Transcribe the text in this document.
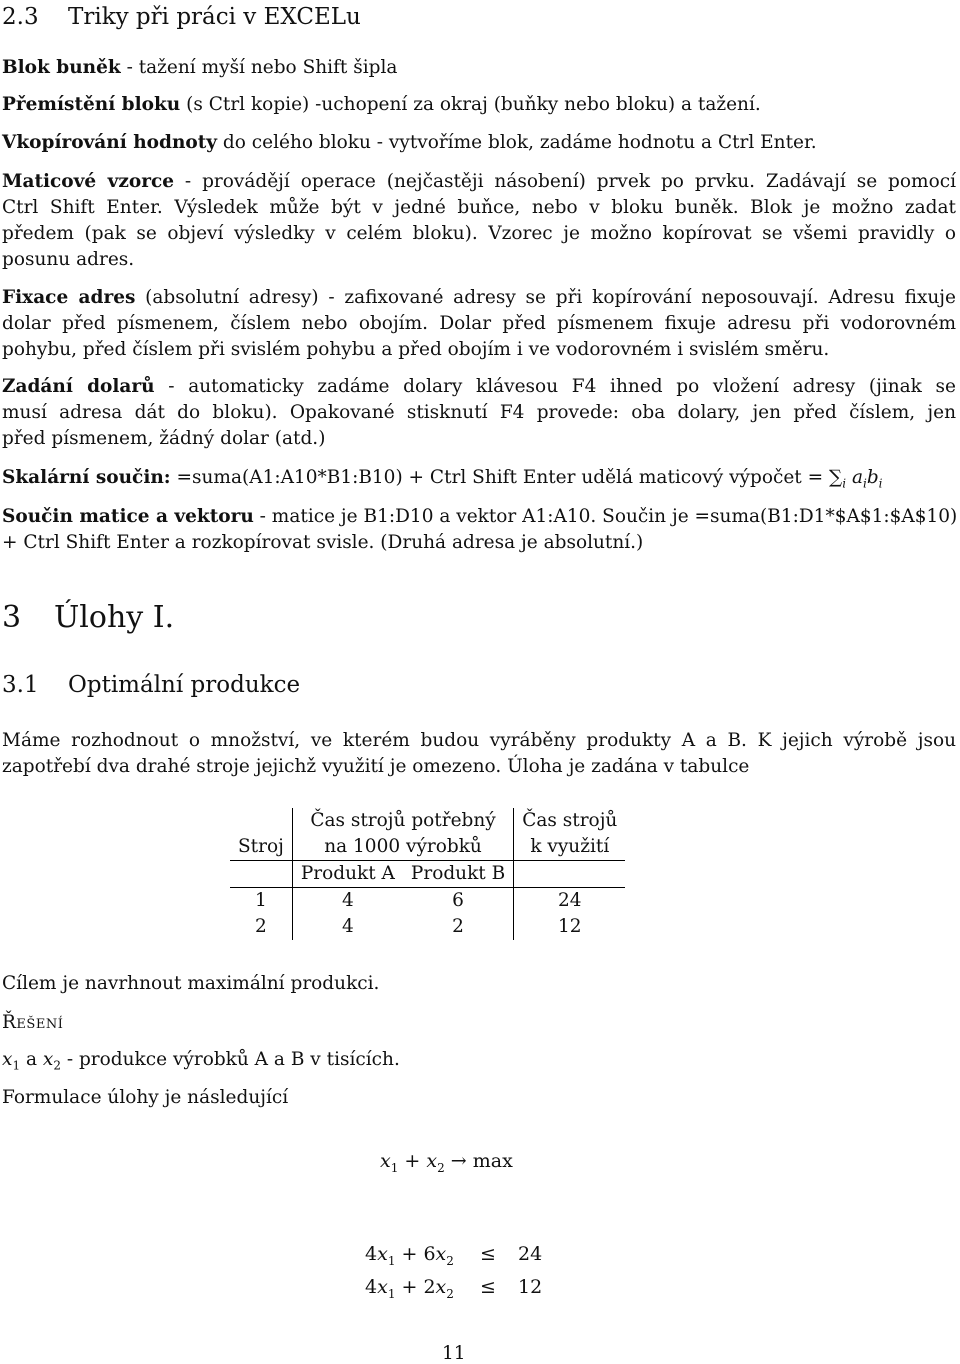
2.3 Triky při práci v EXCELu
Blok buněk - tažení myší nebo Shift šipla
Přemístění bloku (s Ctrl kopie) -uchopení za okraj (buňky nebo bloku) a tažení.
Vkopírování hodnoty do celého bloku - vytvoříme blok, zadáme hodnotu a Ctrl Enter.
Maticové vzorce - provádějí operace (nejčastěji násobení) prvek po prvku. Zadávají se pomocí
Ctrl Shift Enter. Výsledek může být v jedné buňce, nebo v bloku buněk. Blok je možno zadat
předem (pak se objeví výsledky v celém bloku). Vzorec je možno kopírovat se všemi pravidly o
posunu adres.
Fixace adres (absolutní adresy) - zafixované adresy se při kopírování neposouvají. Adresu fixuje
dolar před písmenem, číslem nebo obojím. Dolar před písmenem fixuje adresu při vodorovném
pohybu, před číslem při svislém pohybu a před obojím i ve vodorovném i svislém směru.
Zadání dolarů - automaticky zadáme dolary klávesou F4 ihned po vložení adresy (jinak se
musí adresa dát do bloku). Opakované stisknutí F4 provede: oba dolary, jen před číslem, jen
před písmenem, žádný dolar (atd.)
Skalární součin: =suma(A1:A10*B1:B10) + Ctrl Shift Enter udělá maticový výpočet = $\sum_i$ $a_ib_i$
Součin matice a vektoru - matice je B1:D10 a vektor A1:A10. Součin je =suma(B1:D1*$A$1:$A$10)
+ Ctrl Shift Enter a rozkopírovat svisle. (Druhá adresa je absolutní.)
3 Úlohy I.
3.1 Optimální produkce
Máme rozhodnout o množství, ve kterém budou vyráběny produkty A a B. K jejich výrobě jsou
zapotřebí dva drahé stroje jejichž využití je omezeno. Úloha je zadána v tabulce
	Čas strojů potřebný		Čas strojů
Stroj	na 1000 výrobků		k využití
	Produkt A	Produkt B	
1	4	6	24
2	4	2	12
Cílem je navrhnout maximální produkci.
Řešení
$x_1$ a $x_2$ - produkce výrobků A a B v tisících.
Formulace úlohy je následující
$x_1 + x_2 \to \max$
$4x_1 + 6x_2 \le 24$
$4x_1 + 2x_2 \le 12$
11
